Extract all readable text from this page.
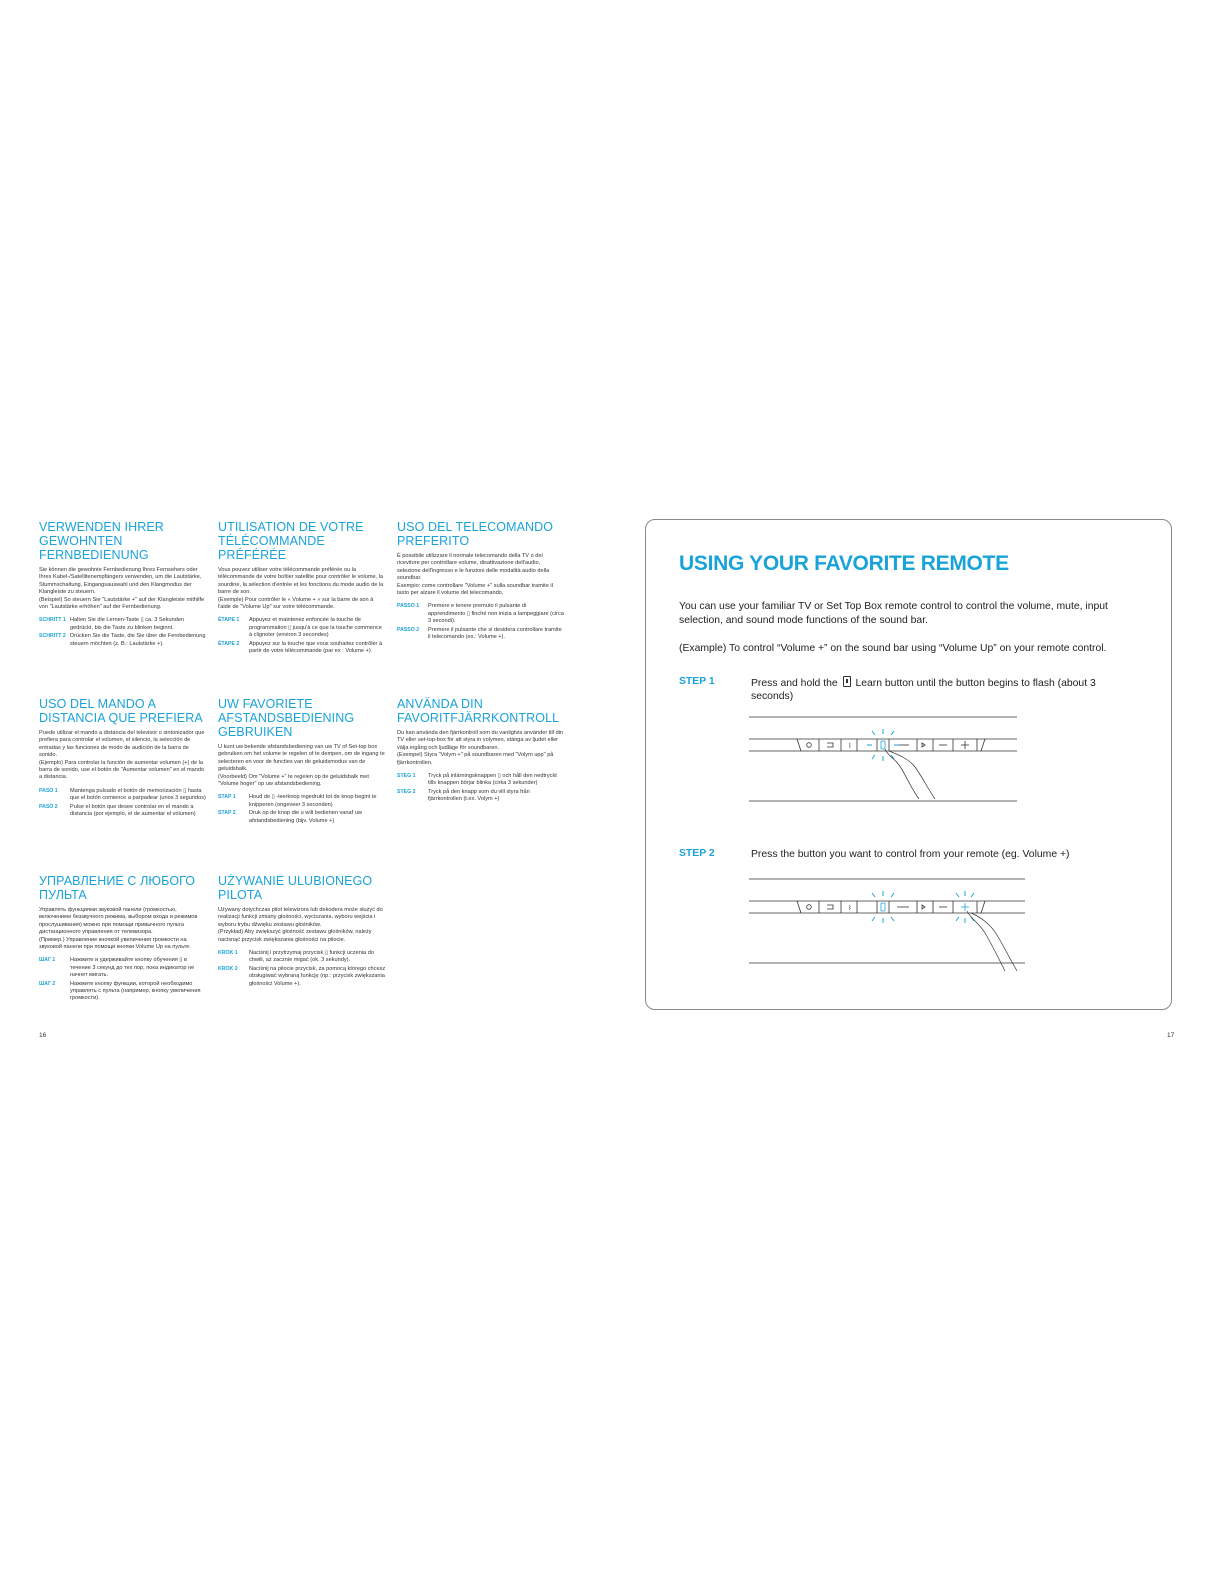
VERWENDEN IHRER GEWOHNTEN FERNBEDIENUNG

Sie können die gewohnte Fernbedienung Ihres Fernsehers oder Ihres Kabel-/Satellitenempfängers verwenden, um die Lautstärke, Stummschaltung, Eingangsauswahl und den Klangmodus der Klangleiste zu steuern.
(Beispiel) So steuern Sie "Lautstärke +" auf der Klangleiste mithilfe von "Lautstärke erhöhen" auf der Fernbedienung.

SCHRITT 1 Halten Sie die Lernen-Taste ▯ ca. 3 Sekunden gedrückt, bis die Taste zu blinken beginnt.
SCHRITT 2 Drücken Sie die Taste, die Sie über die Fernbedienung steuern möchten (z. B.: Lautstärke +).
UTILISATION DE VOTRE TÉLÉCOMMANDE PRÉFÉRÉE

Vous pouvez utiliser votre télécommande préférée ou la télécommande de votre boîtier satellite pour contrôler le volume, la sourdine, la sélection d'entrée et les fonctions du mode audio de la barre de son.
(Exemple) Pour contrôler le « Volume + » sur la barre de son à l'aide de "Volume Up" sur votre télécommande.

ÉTAPE 1	Appuyez et maintenez enfoncée la touche de programmation ▯ jusqu'à ce que la touche commence à clignoter (environ 3 secondes)
ÉTAPE 2	Appuyez sur la touche que vous souhaitez contrôler à partir de votre télécommande (par ex : Volume +)
USO DEL TELECOMANDO PREFERITO

È possibile utilizzare il normale telecomando della TV o del ricevitore per controllare volume, disattivazione dell'audio, selezione dell'ingresso e le funzioni delle modalità audio della soundbar.
Esempio: come controllare "Volume +" sulla soundbar tramite il tasto per alzare il volume del telecomando.

PASSO 1	Premere e tenere premuto il pulsante di apprendimento ▯ finché non inizia a lampeggiare (circa 3 secondi).
PASSO 2	Premere il pulsante che si desidera controllare tramite il telecomando (es.: Volume +).
USO DEL MANDO A DISTANCIA QUE PREFIERA

Puede utilizar el mando a distancia del televisor o sintonizador que prefiera para controlar el volumen, el silencio, la selección de entradas y las funciones de modo de audición de la barra de sonido.
(Ejemplo) Para controlar la función de aumentar volumen (+) de la barra de sonido, use el botón de "Aumentar volumen" en el mando a distancia.

PASO 1	Mantenga pulsado el botón de memorización ▯ hasta que el botón comience a parpadear (unos 3 segundos)
PASO 2	Pulse el botón que desee controlar en el mando a distancia (por ejemplo, el de aumentar el volumen)
UW FAVORIETE AFSTANDSBEDIENING GEBRUIKEN

U kunt uw bekende afstandsbediening van uw TV of Set-top box gebruiken om het volume te regelen of te dempen, om de ingang te selecteren en voor de functies van de geluidsmodus van de geluidsbalk.
(Voorbeeld) Om "Volume +" te regelen op de geluidsbalk met "Volume hoger" op uw afstandsbediening.

STAP 1	Houd de ▯ -leerknop ingedrukt tot de knop begint te knipperen (ongeveer 3 seconden)
STAP 2	Druk op de knop die u wilt bedienen vanaf uw afstandsbediening (bijv. Volume +)
ANVÄNDA DIN FAVORITFJÄRRKONTROLL

Du kan använda den fjärrkontroll som du vanligtvis använder till din TV eller set-top-box för att styra in volymen, stänga av ljudet eller välja ingång och ljudläge för soundbaren.
(Exempel) Styra "Volym +" på soundbaren med "Volym upp" på fjärrkontrollen.

STEG 1	Tryck på inlärningsknappen ▯ och håll den nedtryckt tills knappen börjar blinka (cirka 3 sekunder)
STEG 2	Tryck på den knapp som du vill styra från fjärrkontrollen (t.ex. Volym +)
УПРАВЛЕНИЕ С ЛЮБОГО ПУЛЬТА

Управлять функциями звуковой панели (громкостью, включением беззвучного режима, выбором входа и режимов прослушивания) можно при помощи привычного пульта дистанционного управления от телевизора.
(Пример.) Управление кнопкой увеличения громкости на звуковой панели при помощи кнопки Volume Up на пульте.

ШАГ 1	Нажмите и удерживайте кнопку обучения ▯ в течение 3 секунд до тех пор, пока индикатор не начнет мигать.
ШАГ 2	Нажмите кнопку функции, которой необходимо управлять с пульта (например, кнопку увеличения громкости).
UŻYWANIE ULUBIONEGO PILOTA

Używany dotychczas pilot telewizora lub dekodera może służyć do realizacji funkcji zmiany głośności, wyciszania, wyboru wejścia i wyboru trybu dźwięku zestawu głośników.
(Przykład) Aby zwiększyć głośność zestawu głośników, należy nacisnąć przycisk zwiększania głośności na pilocie.

KROK 1	Naciśnij i przytrzymaj przycisk ▯ funkcji uczenia do chwili, aż zacznie migać (ok. 3 sekundy).
KROK 2	Naciśnij na pilocie przycisk, za pomocą którego chcesz obsługiwać wybraną funkcję (np.: przycisk zwiększania głośności Volume +).
16
USING YOUR FAVORITE REMOTE
You can use your familiar TV or Set Top Box remote control to control the volume, mute, input selection, and sound mode functions of the sound bar.
(Example) To control “Volume +” on the sound bar using “Volume Up” on your remote control.
STEP 1	Press and hold the Learn button until the button begins to flash (about 3 seconds)
ᛒ
STEP 2	Press the button you want to control from your remote (eg. Volume +)
ᛒ
17
